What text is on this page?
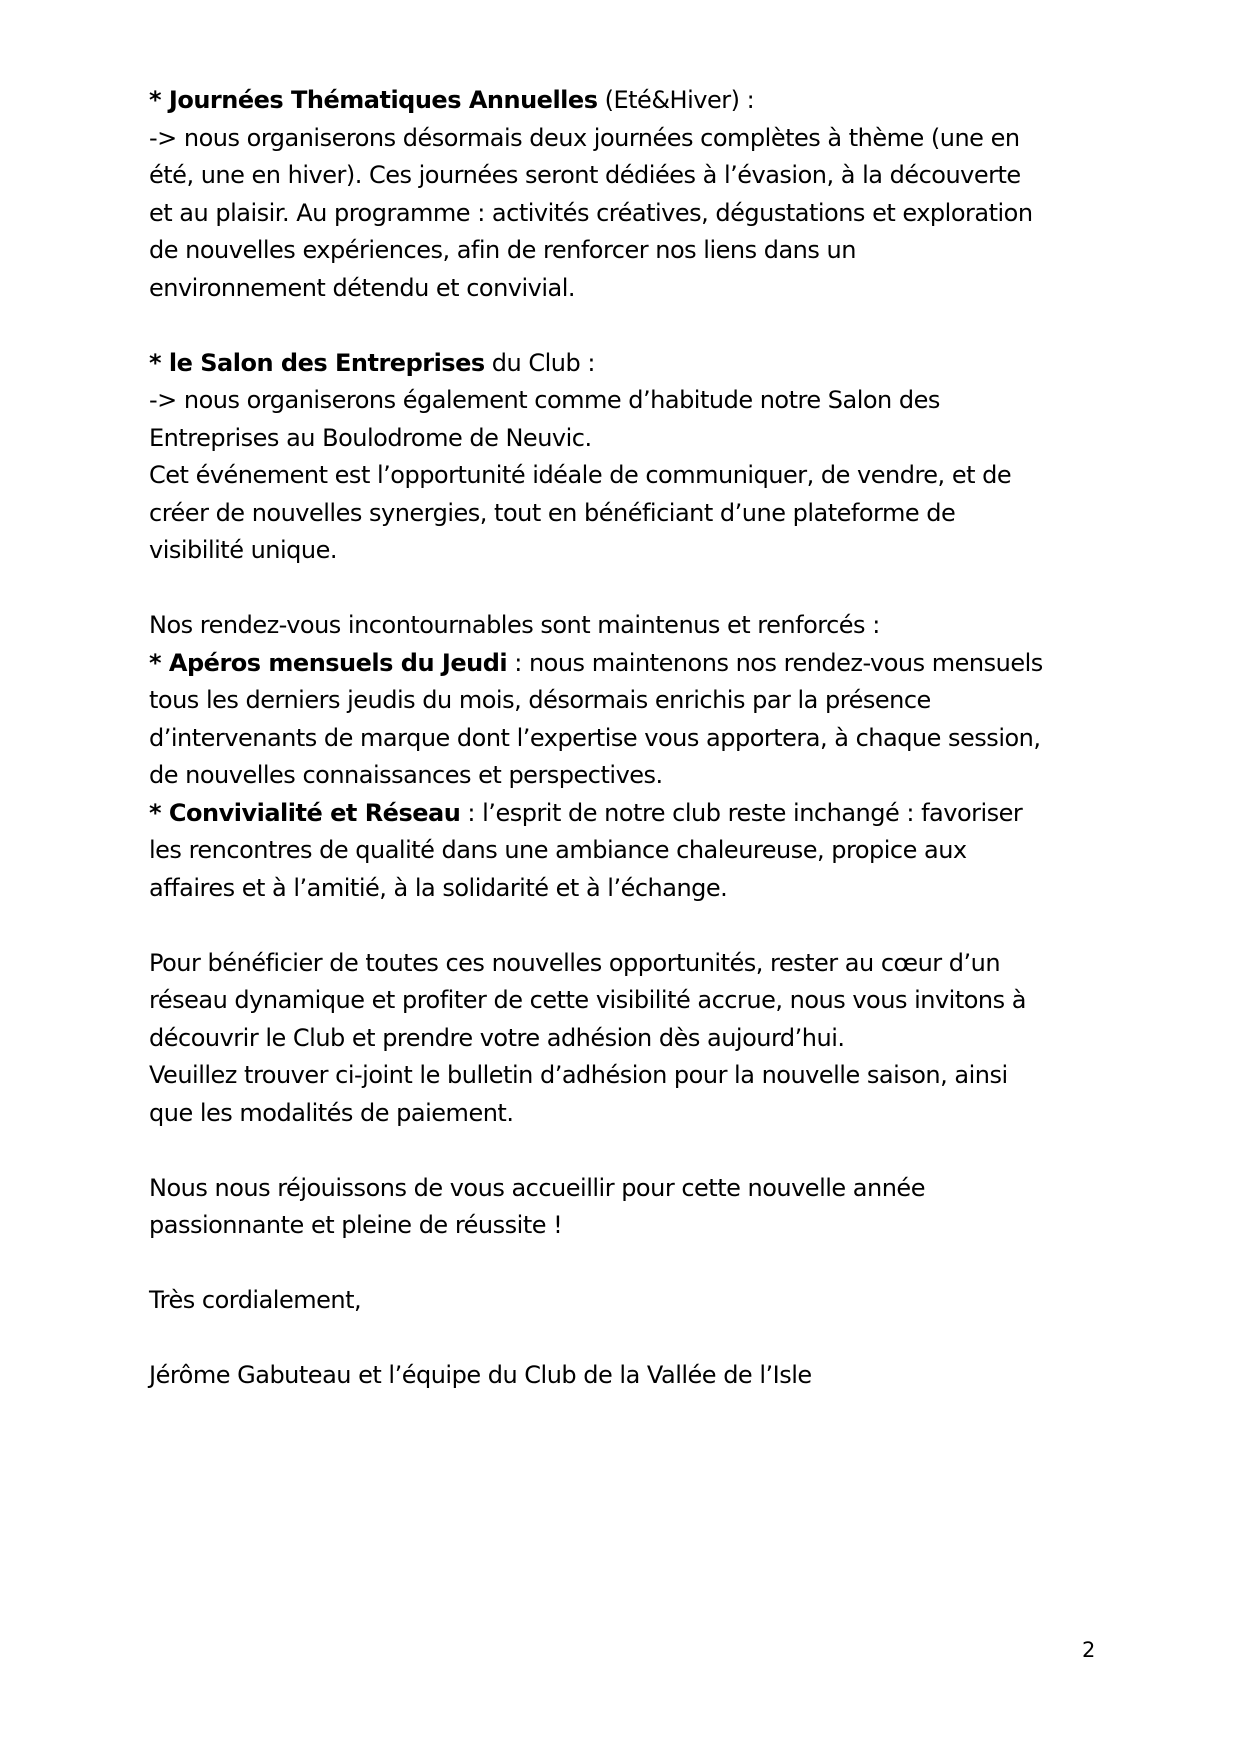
* Journées Thématiques Annuelles (Eté&Hiver) :
-> nous organiserons désormais deux journées complètes à thème (une en
été, une en hiver). Ces journées seront dédiées à l’évasion, à la découverte
et au plaisir. Au programme : activités créatives, dégustations et exploration
de nouvelles expériences, afin de renforcer nos liens dans un
environnement détendu et convivial.
* le Salon des Entreprises du Club :
-> nous organiserons également comme d’habitude notre Salon des
Entreprises au Boulodrome de Neuvic.
Cet événement est l’opportunité idéale de communiquer, de vendre, et de
créer de nouvelles synergies, tout en bénéficiant d’une plateforme de
visibilité unique.
Nos rendez-vous incontournables sont maintenus et renforcés :
* Apéros mensuels du Jeudi : nous maintenons nos rendez-vous mensuels
tous les derniers jeudis du mois, désormais enrichis par la présence
d’intervenants de marque dont l’expertise vous apportera, à chaque session,
de nouvelles connaissances et perspectives.
* Convivialité et Réseau : l’esprit de notre club reste inchangé : favoriser
les rencontres de qualité dans une ambiance chaleureuse, propice aux
affaires et à l’amitié, à la solidarité et à l’échange.
Pour bénéficier de toutes ces nouvelles opportunités, rester au cœur d’un
réseau dynamique et profiter de cette visibilité accrue, nous vous invitons à
découvrir le Club et prendre votre adhésion dès aujourd’hui.
Veuillez trouver ci-joint le bulletin d’adhésion pour la nouvelle saison, ainsi
que les modalités de paiement.
Nous nous réjouissons de vous accueillir pour cette nouvelle année
passionnante et pleine de réussite !
Très cordialement,
Jérôme Gabuteau et l’équipe du Club de la Vallée de l’Isle
2
